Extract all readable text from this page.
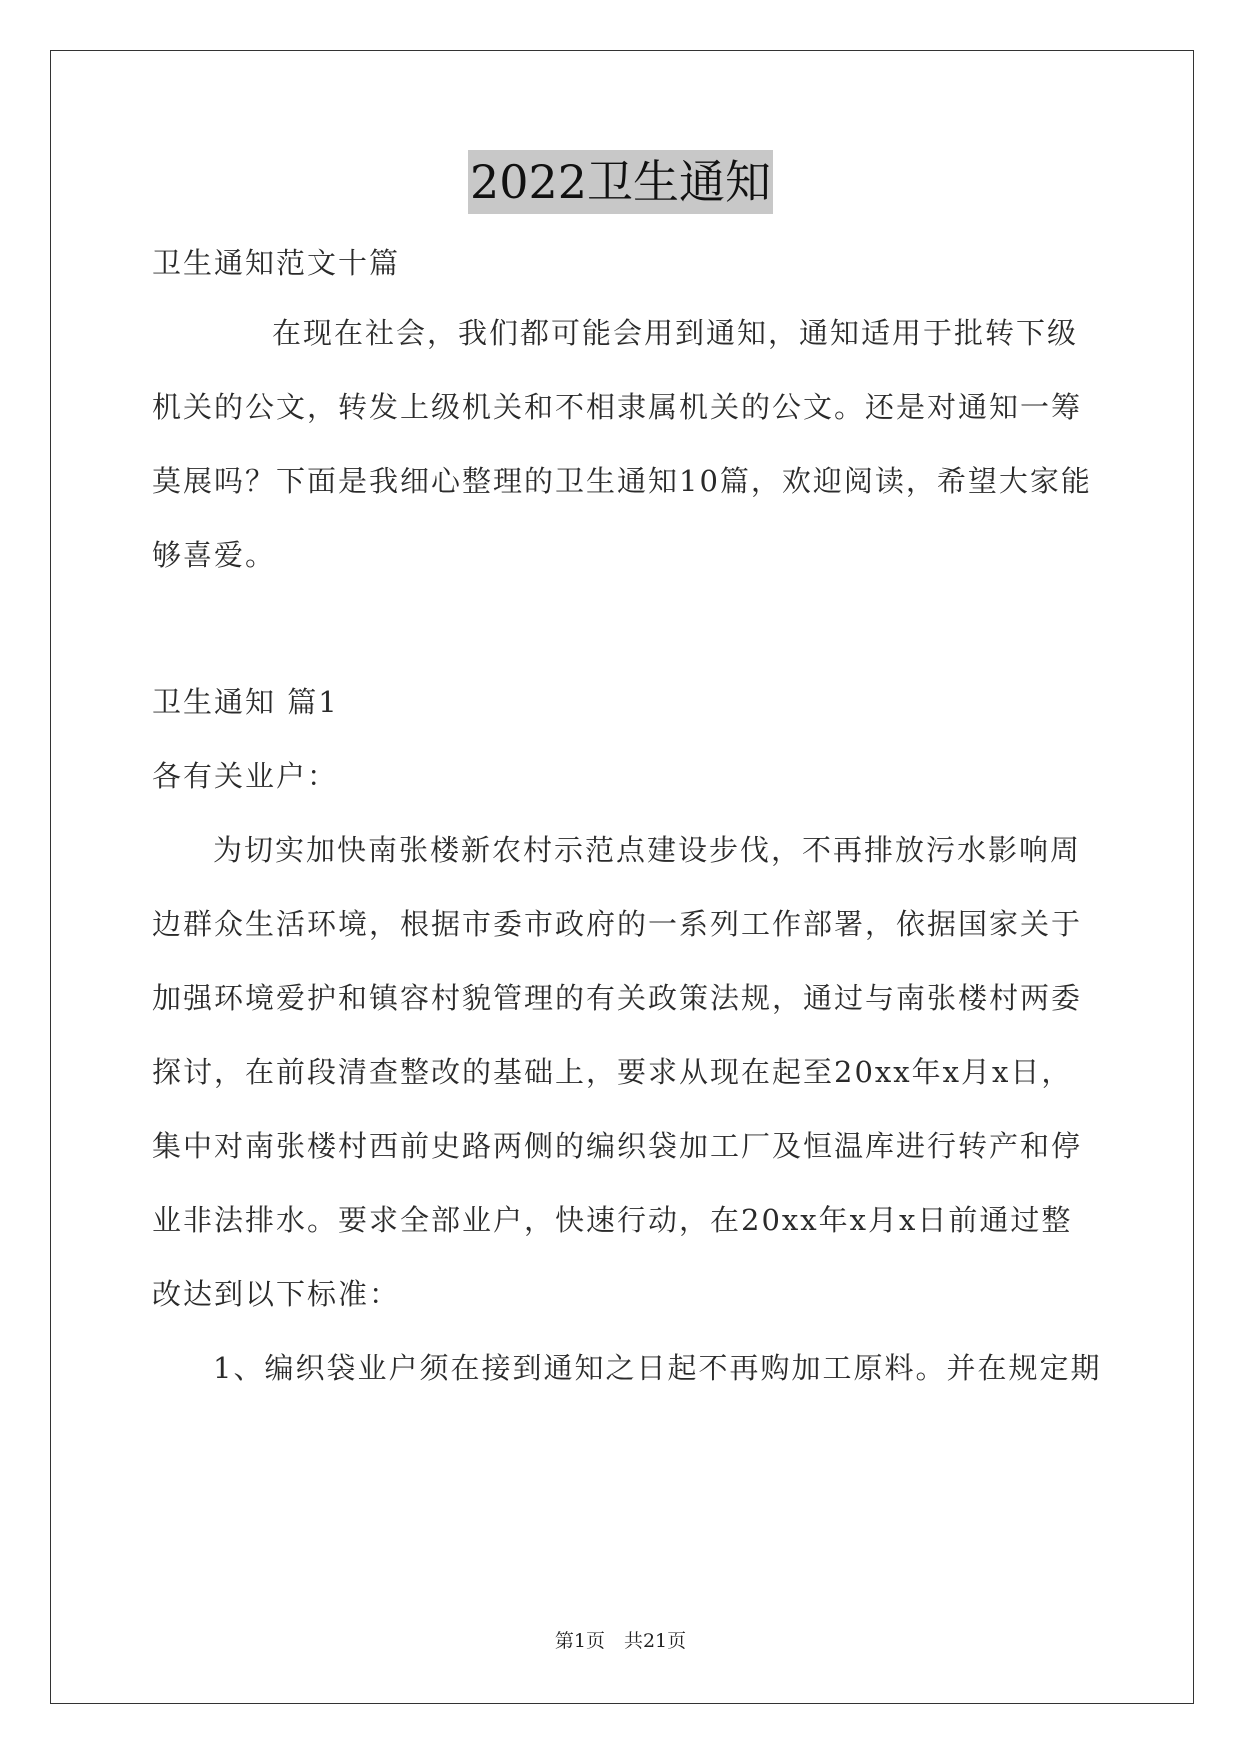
2022卫生通知
卫生通知范文十篇
在现在社会，我们都可能会用到通知，通知适用于批转下级
机关的公文，转发上级机关和不相隶属机关的公文。还是对通知一筹
莫展吗？下面是我细心整理的卫生通知10篇，欢迎阅读，希望大家能
够喜爱。
卫生通知 篇1
各有关业户：
为切实加快南张楼新农村示范点建设步伐，不再排放污水影响周
边群众生活环境，根据市委市政府的一系列工作部署，依据国家关于
加强环境爱护和镇容村貌管理的有关政策法规，通过与南张楼村两委
探讨，在前段清查整改的基础上，要求从现在起至20xx年x月x日，
集中对南张楼村西前史路两侧的编织袋加工厂及恒温库进行转产和停
业非法排水。要求全部业户，快速行动，在20xx年x月x日前通过整
改达到以下标准：
1、编织袋业户须在接到通知之日起不再购加工原料。并在规定期
第1页　共21页
